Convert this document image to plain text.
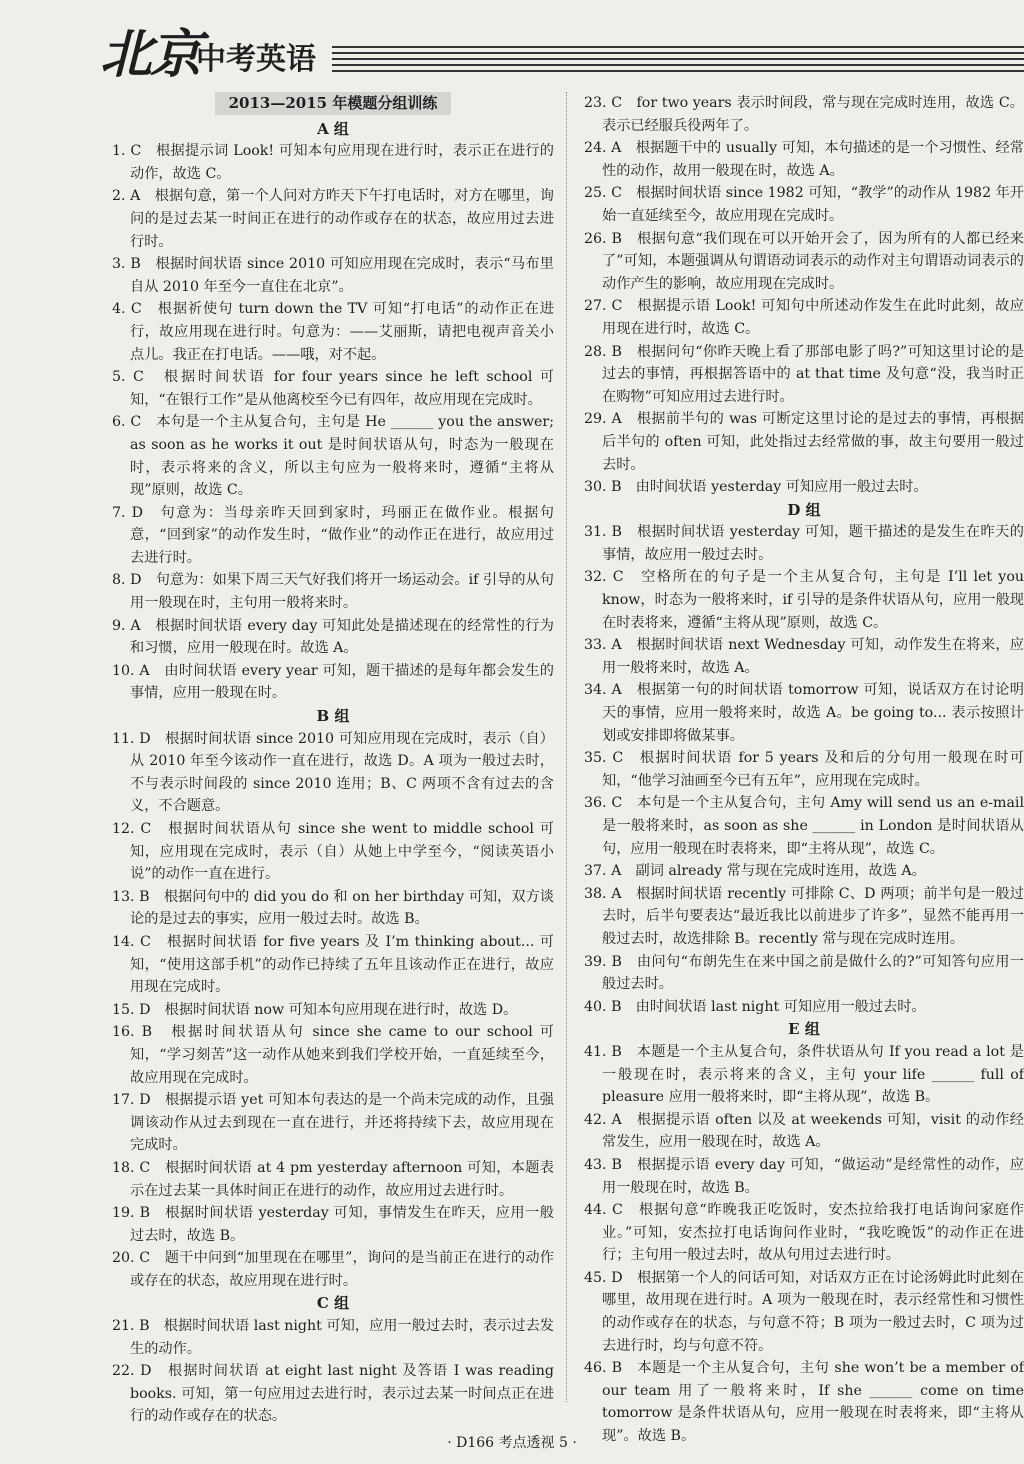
北京
中考英语
2013—2015 年模题分组训练
A 组
1. C　根据提示词 Look! 可知本句应用现在进行时，表示正在进行的动作，故选 C。
2. A　根据句意，第一个人问对方昨天下午打电话时，对方在哪里，询问的是过去某一时间正在进行的动作或存在的状态，故应用过去进行时。
3. B　根据时间状语 since 2010 可知应用现在完成时，表示“马布里自从 2010 年至今一直住在北京”。
4. C　根据祈使句 turn down the TV 可知“打电话”的动作正在进行，故应用现在进行时。句意为：——艾丽斯，请把电视声音关小点儿。我正在打电话。——哦，对不起。
5. C　根据时间状语 for four years since he left school 可知，“在银行工作”是从他离校至今已有四年，故应用现在完成时。
6. C　本句是一个主从复合句，主句是 He ______ you the answer; as soon as he works it out 是时间状语从句，时态为一般现在时，表示将来的含义，所以主句应为一般将来时，遵循“主将从现”原则，故选 C。
7. D　句意为：当母亲昨天回到家时，玛丽正在做作业。根据句意，“回到家”的动作发生时，“做作业”的动作正在进行，故应用过去进行时。
8. D　句意为：如果下周三天气好我们将开一场运动会。if 引导的从句用一般现在时，主句用一般将来时。
9. A　根据时间状语 every day 可知此处是描述现在的经常性的行为和习惯，应用一般现在时。故选 A。
10. A　由时间状语 every year 可知，题干描述的是每年都会发生的事情，应用一般现在时。
B 组
11. D　根据时间状语 since 2010 可知应用现在完成时，表示（自）从 2010 年至今该动作一直在进行，故选 D。A 项为一般过去时，不与表示时间段的 since 2010 连用；B、C 两项不含有过去的含义，不合题意。
12. C　根据时间状语从句 since she went to middle school 可知，应用现在完成时，表示（自）从她上中学至今，“阅读英语小说”的动作一直在进行。
13. B　根据问句中的 did you do 和 on her birthday 可知，双方谈论的是过去的事实，应用一般过去时。故选 B。
14. C　根据时间状语 for five years 及 I’m thinking about... 可知，“使用这部手机”的动作已持续了五年且该动作正在进行，故应用现在完成时。
15. D　根据时间状语 now 可知本句应用现在进行时，故选 D。
16. B　根据时间状语从句 since she came to our school 可知，“学习刻苦”这一动作从她来到我们学校开始，一直延续至今，故应用现在完成时。
17. D　根据提示语 yet 可知本句表达的是一个尚未完成的动作，且强调该动作从过去到现在一直在进行，并还将持续下去，故应用现在完成时。
18. C　根据时间状语 at 4 pm yesterday afternoon 可知，本题表示在过去某一具体时间正在进行的动作，故应用过去进行时。
19. B　根据时间状语 yesterday 可知，事情发生在昨天，应用一般过去时，故选 B。
20. C　题干中问到“加里现在在哪里”，询问的是当前正在进行的动作或存在的状态，故应用现在进行时。
C 组
21. B　根据时间状语 last night 可知，应用一般过去时，表示过去发生的动作。
22. D　根据时间状语 at eight last night 及答语 I was reading books. 可知，第一句应用过去进行时，表示过去某一时间点正在进行的动作或存在的状态。
23. C　for two years 表示时间段，常与现在完成时连用，故选 C。表示已经服兵役两年了。
24. A　根据题干中的 usually 可知，本句描述的是一个习惯性、经常性的动作，故用一般现在时，故选 A。
25. C　根据时间状语 since 1982 可知，“教学”的动作从 1982 年开始一直延续至今，故应用现在完成时。
26. B　根据句意“我们现在可以开始开会了，因为所有的人都已经来了”可知，本题强调从句谓语动词表示的动作对主句谓语动词表示的动作产生的影响，故应用现在完成时。
27. C　根据提示语 Look! 可知句中所述动作发生在此时此刻，故应用现在进行时，故选 C。
28. B　根据问句“你昨天晚上看了那部电影了吗?”可知这里讨论的是过去的事情，再根据答语中的 at that time 及句意“没，我当时正在购物”可知应用过去进行时。
29. A　根据前半句的 was 可断定这里讨论的是过去的事情，再根据后半句的 often 可知，此处指过去经常做的事，故主句要用一般过去时。
30. B　由时间状语 yesterday 可知应用一般过去时。
D 组
31. B　根据时间状语 yesterday 可知，题干描述的是发生在昨天的事情，故应用一般过去时。
32. C　空格所在的句子是一个主从复合句，主句是 I’ll let you know，时态为一般将来时，if 引导的是条件状语从句，应用一般现在时表将来，遵循“主将从现”原则，故选 C。
33. A　根据时间状语 next Wednesday 可知，动作发生在将来，应用一般将来时，故选 A。
34. A　根据第一句的时间状语 tomorrow 可知，说话双方在讨论明天的事情，应用一般将来时，故选 A。be going to... 表示按照计划或安排即将做某事。
35. C　根据时间状语 for 5 years 及和后的分句用一般现在时可知，“他学习油画至今已有五年”，应用现在完成时。
36. C　本句是一个主从复合句，主句 Amy will send us an e-mail 是一般将来时，as soon as she ______ in London 是时间状语从句，应用一般现在时表将来，即“主将从现”，故选 C。
37. A　副词 already 常与现在完成时连用，故选 A。
38. A　根据时间状语 recently 可排除 C、D 两项；前半句是一般过去时，后半句要表达“最近我比以前进步了许多”，显然不能再用一般过去时，故选排除 B。recently 常与现在完成时连用。
39. B　由问句“布朗先生在来中国之前是做什么的?”可知答句应用一般过去时。
40. B　由时间状语 last night 可知应用一般过去时。
E 组
41. B　本题是一个主从复合句，条件状语从句 If you read a lot 是一般现在时，表示将来的含义，主句 your life ______ full of pleasure 应用一般将来时，即“主将从现”，故选 B。
42. A　根据提示语 often 以及 at weekends 可知，visit 的动作经常发生，应用一般现在时，故选 A。
43. B　根据提示语 every day 可知，“做运动”是经常性的动作，应用一般现在时，故选 B。
44. C　根据句意“昨晚我正吃饭时，安杰拉给我打电话询问家庭作业。”可知，安杰拉打电话询问作业时，“我吃晚饭”的动作正在进行；主句用一般过去时，故从句用过去进行时。
45. D　根据第一个人的问话可知，对话双方正在讨论汤姆此时此刻在哪里，故用现在进行时。A 项为一般现在时，表示经常性和习惯性的动作或存在的状态，与句意不符；B 项为一般过去时，C 项为过去进行时，均与句意不符。
46. B　本题是一个主从复合句，主句 she won’t be a member of our team 用了一般将来时，If she ______ come on time tomorrow 是条件状语从句，应用一般现在时表将来，即“主将从现”。故选 B。
· D166 考点透视 5 ·
